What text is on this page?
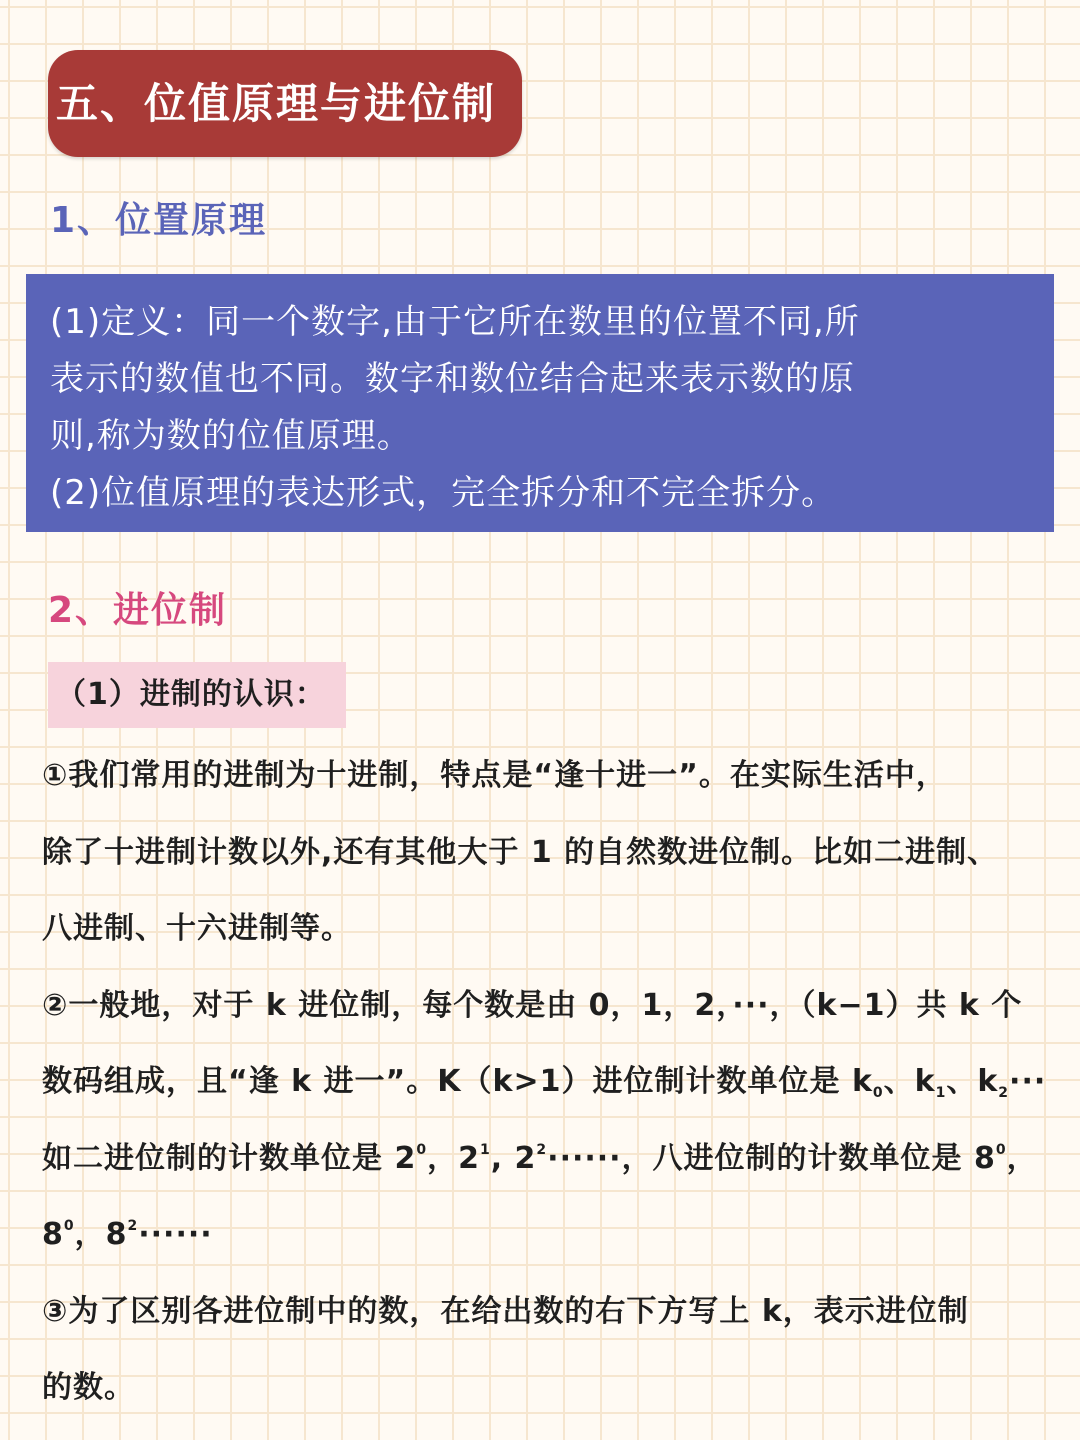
五、位值原理与进位制
1、位置原理

(1)定义：同一个数字,由于它所在数里的位置不同,所

表示的数值也不同。数字和数位结合起来表示数的原

则,称为数的位值原理。

(2)位值原理的表达形式，完全拆分和不完全拆分。

2、进位制
（1）进制的认识：

①我们常用的进制为十进制，特点是“逢十进一”。在实际生活中，

除了十进制计数以外,还有其他大于 1 的自然数进位制。比如二进制、

八进制、十六进制等。

②一般地，对于 k 进位制，每个数是由 0，1，2，···，（k−1）共 k 个

数码组成，且“逢 k 进一”。K（k>1）进位制计数单位是 $k_0$、$k_1$、$k_2\cdot\cdot\cdot$

如二进位制的计数单位是 $2^0$，$2^1$, $2^2\cdot\cdot\cdot\cdot\cdot\cdot$，八进位制的计数单位是 $8^0$，

$8^0$，$8^2\cdot\cdot\cdot\cdot\cdot\cdot$

③为了区别各进位制中的数，在给出数的右下方写上 k，表示进位制

的数。
